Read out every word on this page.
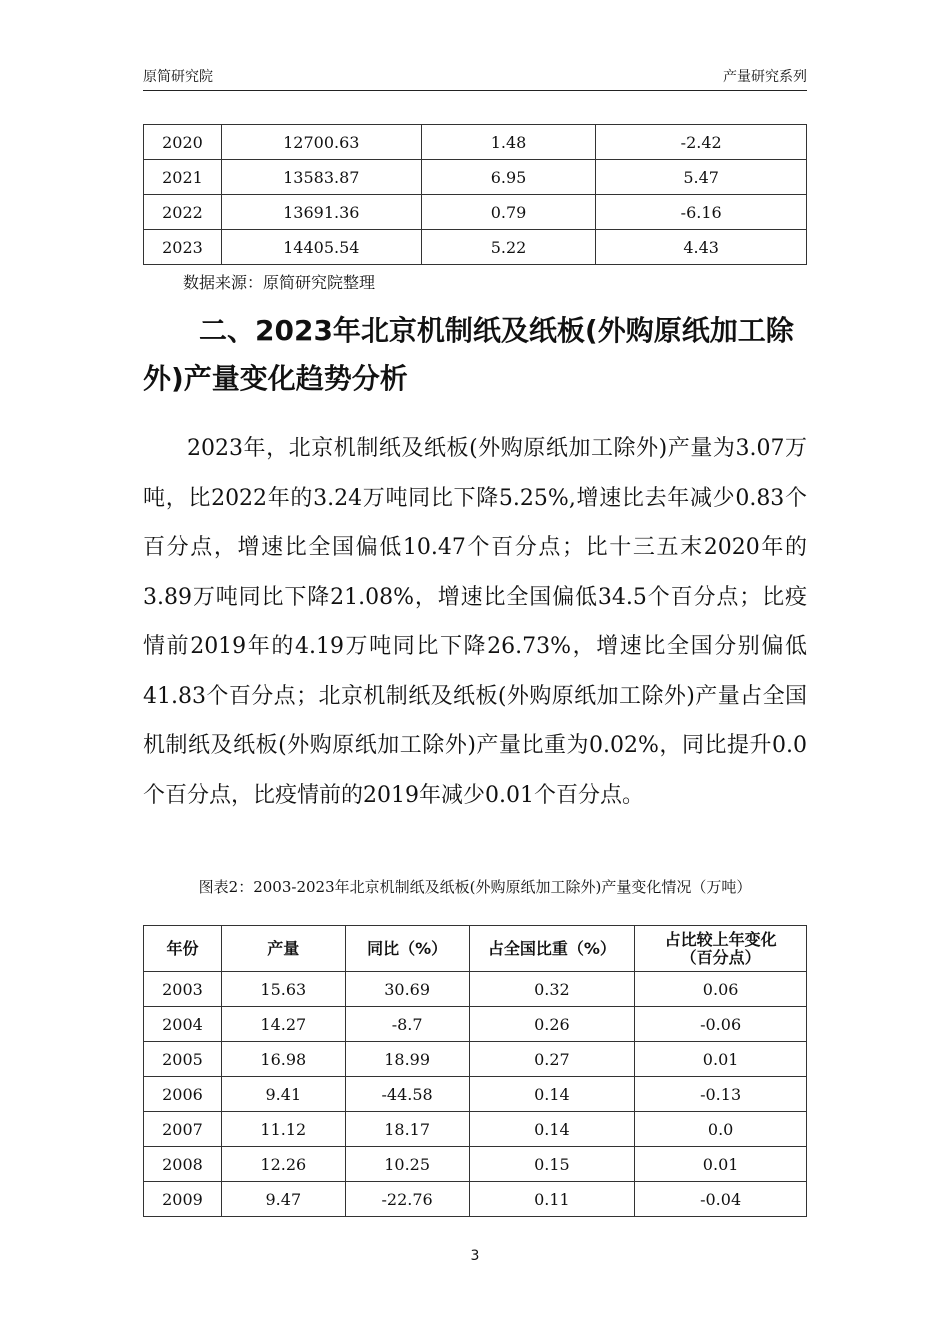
原简研究院	产量研究系列
2020	12700.63	1.48	-2.42
2021	13583.87	6.95	5.47
2022	13691.36	0.79	-6.16
2023	14405.54	5.22	4.43
数据来源：原简研究院整理
二、2023年北京机制纸及纸板(外购原纸加工除外)产量变化趋势分析
2023年，北京机制纸及纸板(外购原纸加工除外)产量为3.07万吨，比2022年的3.24万吨同比下降5.25%,增速比去年减少0.83个百分点，增速比全国偏低10.47个百分点；比十三五末2020年的3.89万吨同比下降21.08%，增速比全国偏低34.5个百分点；比疫情前2019年的4.19万吨同比下降26.73%，增速比全国分别偏低41.83个百分点；北京机制纸及纸板(外购原纸加工除外)产量占全国机制纸及纸板(外购原纸加工除外)产量比重为0.02%，同比提升0.0个百分点，比疫情前的2019年减少0.01个百分点。
图表2：2003-2023年北京机制纸及纸板(外购原纸加工除外)产量变化情况（万吨）
年份	产量	同比（%）	占全国比重（%）	占比较上年变化（百分点）
2003	15.63	30.69	0.32	0.06
2004	14.27	-8.7	0.26	-0.06
2005	16.98	18.99	0.27	0.01
2006	9.41	-44.58	0.14	-0.13
2007	11.12	18.17	0.14	0.0
2008	12.26	10.25	0.15	0.01
2009	9.47	-22.76	0.11	-0.04
3
